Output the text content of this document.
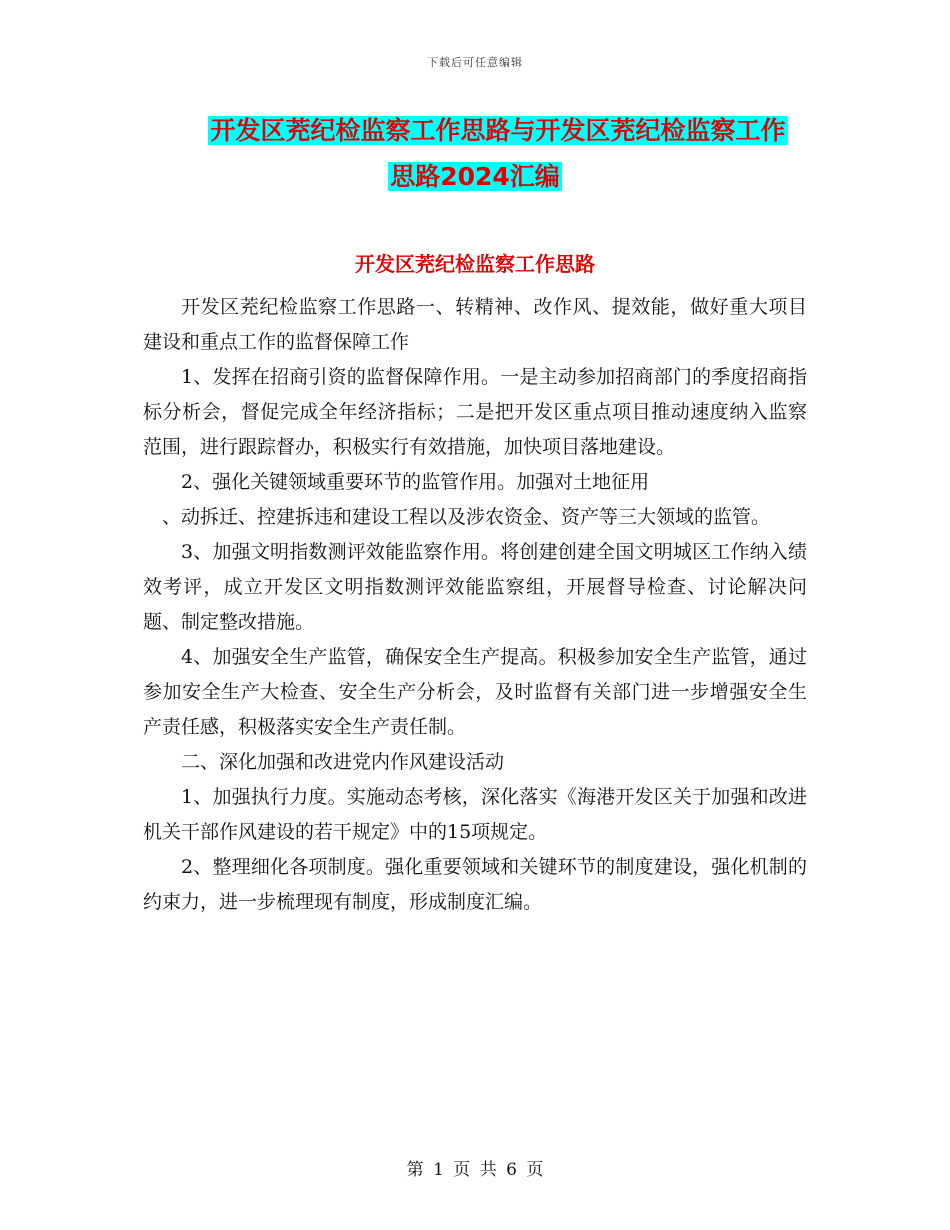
下载后可任意编辑
开发区茺纪检监察工作思路与开发区茺纪检监察工作
思路2024汇编
开发区茺纪检监察工作思路

开发区茺纪检监察工作思路一、转精神、改作风、提效能，做好重大项目建设和重点工作的监督保障工作

1、发挥在招商引资的监督保障作用。一是主动参加招商部门的季度招商指标分析会，督促完成全年经济指标；二是把开发区重点项目推动速度纳入监察范围，进行跟踪督办，积极实行有效措施，加快项目落地建设。

2、强化关键领域重要环节的监管作用。加强对土地征用

、动拆迁、控建拆违和建设工程以及涉农资金、资产等三大领域的监管。

3、加强文明指数测评效能监察作用。将创建创建全国文明城区工作纳入绩效考评，成立开发区文明指数测评效能监察组，开展督导检查、讨论解决问题、制定整改措施。

4、加强安全生产监管，确保安全生产提高。积极参加安全生产监管，通过参加安全生产大检查、安全生产分析会，及时监督有关部门进一步增强安全生产责任感，积极落实安全生产责任制。

二、深化加强和改进党内作风建设活动

1、加强执行力度。实施动态考核，深化落实《海港开发区关于加强和改进机关干部作风建设的若干规定》中的15项规定。

2、整理细化各项制度。强化重要领域和关键环节的制度建设，强化机制的约束力，进一步梳理现有制度，形成制度汇编。

第 1 页 共 6 页
